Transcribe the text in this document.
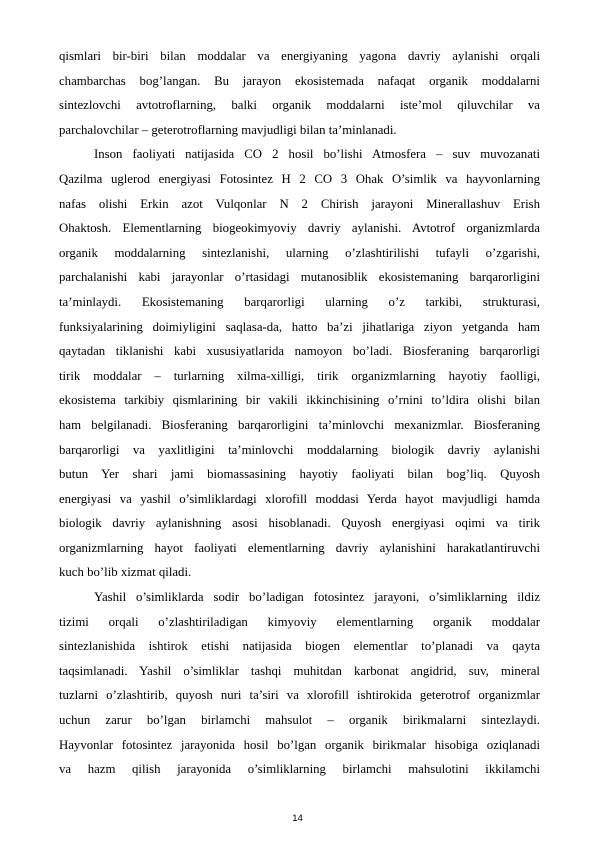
qismlari bir-biri bilan moddalar va energiyaning yagona davriy aylanishi orqali
chambarchas bog’langan. Bu jarayon ekosistemada nafaqat organik moddalarni
sintezlovchi avtotroflarning, balki organik moddalarni iste’mol qiluvchilar va
parchalovchilar – geterotroflarning mavjudligi bilan ta’minlanadi.
Inson faoliyati natijasida CO 2 hosil bo’lishi Atmosfera – suv muvozanati
Qazilma uglerod energiyasi Fotosintez H 2 CO 3 Ohak O’simlik va hayvonlarning
nafas olishi Erkin azot Vulqonlar N 2 Chirish jarayoni Minerallashuv Erish
Ohaktosh. Elementlarning biogeokimyoviy davriy aylanishi. Avtotrof organizmlarda
organik moddalarning sintezlanishi, ularning o’zlashtirilishi tufayli o’zgarishi,
parchalanishi kabi jarayonlar o’rtasidagi mutanosiblik ekosistemaning barqarorligini
ta’minlaydi. Ekosistemaning barqarorligi ularning o’z tarkibi, strukturasi,
funksiyalarining doimiyligini saqlasa-da, hatto ba’zi jihatlariga ziyon yetganda ham
qaytadan tiklanishi kabi xususiyatlarida namoyon bo’ladi. Biosferaning barqarorligi
tirik moddalar – turlarning xilma-xilligi, tirik organizmlarning hayotiy faolligi,
ekosistema tarkibiy qismlarining bir vakili ikkinchisining o’rnini to’ldira olishi bilan
ham belgilanadi. Biosferaning barqarorligini ta’minlovchi mexanizmlar. Biosferaning
barqarorligi va yaxlitligini ta’minlovchi moddalarning biologik davriy aylanishi
butun Yer shari jami biomassasining hayotiy faoliyati bilan bog’liq. Quyosh
energiyasi va yashil o’simliklardagi xlorofill moddasi Yerda hayot mavjudligi hamda
biologik davriy aylanishning asosi hisoblanadi. Quyosh energiyasi oqimi va tirik
organizmlarning hayot faoliyati elementlarning davriy aylanishini harakatlantiruvchi
kuch bo’lib xizmat qiladi.
Yashil o’simliklarda sodir bo’ladigan fotosintez jarayoni, o’simliklarning ildiz
tizimi orqali o’zlashtiriladigan kimyoviy elementlarning organik moddalar
sintezlanishida ishtirok etishi natijasida biogen elementlar to’planadi va qayta
taqsimlanadi. Yashil o’simliklar tashqi muhitdan karbonat angidrid, suv, mineral
tuzlarni o’zlashtirib, quyosh nuri ta’siri va xlorofill ishtirokida geterotrof organizmlar
uchun zarur bo’lgan birlamchi mahsulot – organik birikmalarni sintezlaydi.
Hayvonlar fotosintez jarayonida hosil bo’lgan organik birikmalar hisobiga oziqlanadi
va hazm qilish jarayonida o’simliklarning birlamchi mahsulotini ikkilamchi
14
